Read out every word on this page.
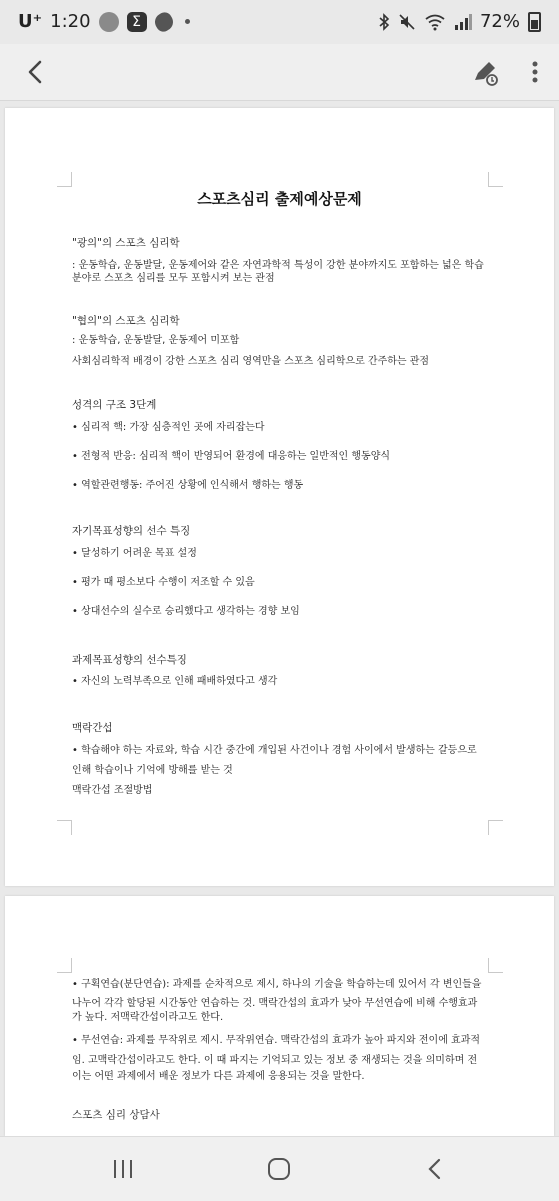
U⁺ 1:20	Σ	72%
스포츠심리 출제예상문제
"광의"의 스포츠 심리학
: 운동학습, 운동발달, 운동제어와 같은 자연과학적 특성이 강한 분야까지도 포함하는 넓은 학습
분야로 스포츠 심리를 모두 포함시켜 보는 관점
"협의"의 스포츠 심리학
: 운동학습, 운동발달, 운동제어 미포함
사회심리학적 배경이 강한 스포츠 심리 영역만을 스포츠 심리학으로 간주하는 관점
성격의 구조 3단계
• 심리적 핵: 가장 심층적인 곳에 자리잡는다
• 전형적 반응: 심리적 핵이 반영되어 환경에 대응하는 일반적인 행동양식
• 역할관련행동: 주어진 상황에 인식해서 행하는 행동
자기목표성향의 선수 특징
• 달성하기 어려운 목표 설정
• 평가 때 평소보다 수행이 저조할 수 있음
• 상대선수의 실수로 승리했다고 생각하는 경향 보임
과제목표성향의 선수특징
• 자신의 노력부족으로 인해 패배하였다고 생각
맥락간섭
• 학습해야 하는 자료와, 학습 시간 중간에 개입된 사건이나 경험 사이에서 발생하는 갈등으로
인해 학습이나 기억에 방해를 받는 것
맥락간섭 조절방법
• 구획연습(분단연습): 과제를 순차적으로 제시, 하나의 기술을 학습하는데 있어서 각 변인들을
나누어 각각 할당된 시간동안 연습하는 것. 맥락간섭의 효과가 낮아 무선연습에 비해 수행효과
가 높다. 저맥락간섭이라고도 한다.
• 무선연습: 과제를 무작위로 제시. 무작위연습. 맥락간섭의 효과가 높아 파지와 전이에 효과적
임. 고맥락간섭이라고도 한다. 이 때 파지는 기억되고 있는 정보 중 재생되는 것을 의미하며 전
이는 어떤 과제에서 배운 정보가 다른 과제에 응용되는 것을 말한다.
스포츠 심리 상담사
